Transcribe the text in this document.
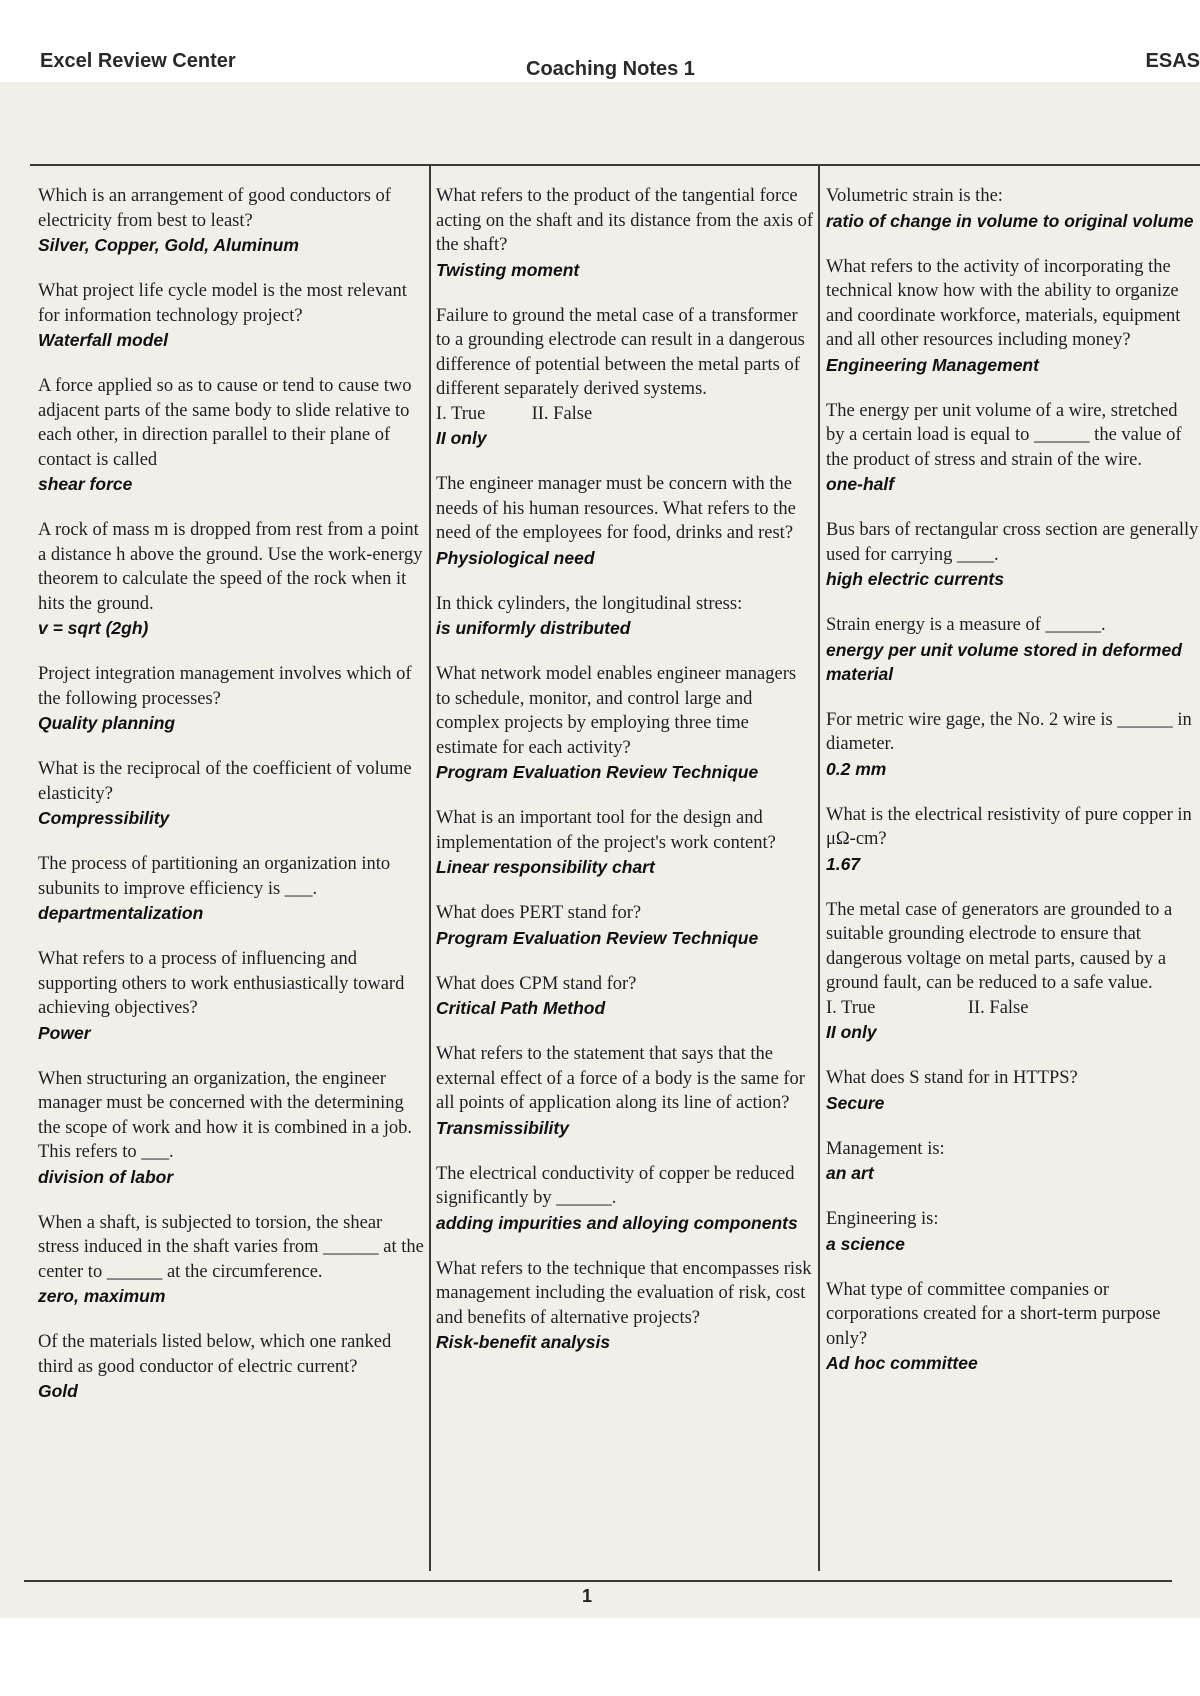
Excel Review Center	Coaching Notes 1	ESAS
Which is an arrangement of good conductors of electricity from best to least?
Silver, Copper, Gold, Aluminum
What project life cycle model is the most relevant for information technology project?
Waterfall model
A force applied so as to cause or tend to cause two adjacent parts of the same body to slide relative to each other, in direction parallel to their plane of contact is called
shear force
A rock of mass m is dropped from rest from a point a distance h above the ground. Use the work-energy theorem to calculate the speed of the rock when it hits the ground.
v = sqrt (2gh)
Project integration management involves which of the following processes?
Quality planning
What is the reciprocal of the coefficient of volume elasticity?
Compressibility
The process of partitioning an organization into subunits to improve efficiency is ___.
departmentalization
What refers to a process of influencing and supporting others to work enthusiastically toward achieving objectives?
Power
When structuring an organization, the engineer manager must be concerned with the determining the scope of work and how it is combined in a job. This refers to ___.
division of labor
When a shaft, is subjected to torsion, the shear stress induced in the shaft varies from ______ at the center to ______ at the circumference.
zero, maximum
Of the materials listed below, which one ranked third as good conductor of electric current?
Gold
What refers to the product of the tangential force acting on the shaft and its distance from the axis of the shaft?
Twisting moment
Failure to ground the metal case of a transformer to a grounding electrode can result in a dangerous difference of potential between the metal parts of different separately derived systems.
I. True          II. False
II only
The engineer manager must be concern with the needs of his human resources. What refers to the need of the employees for food, drinks and rest?
Physiological need
In thick cylinders, the longitudinal stress:
is uniformly distributed
What network model enables engineer managers to schedule, monitor, and control large and complex projects by employing three time estimate for each activity?
Program Evaluation Review Technique
What is an important tool for the design and implementation of the project's work content?
Linear responsibility chart
What does PERT stand for?
Program Evaluation Review Technique
What does CPM stand for?
Critical Path Method
What refers to the statement that says that the external effect of a force of a body is the same for all points of application along its line of action?
Transmissibility
The electrical conductivity of copper be reduced significantly by ______.
adding impurities and alloying components
What refers to the technique that encompasses risk management including the evaluation of risk, cost and benefits of alternative projects?
Risk-benefit analysis
Volumetric strain is the:
ratio of change in volume to original volume
What refers to the activity of incorporating the technical know how with the ability to organize and coordinate workforce, materials, equipment and all other resources including money?
Engineering Management
The energy per unit volume of a wire, stretched by a certain load is equal to ______ the value of the product of stress and strain of the wire.
one-half
Bus bars of rectangular cross section are generally used for carrying ____.
high electric currents
Strain energy is a measure of ______.
energy per unit volume stored in deformed material
For metric wire gage, the No. 2 wire is ______ in diameter.
0.2 mm
What is the electrical resistivity of pure copper in μΩ-cm?
1.67
The metal case of generators are grounded to a suitable grounding electrode to ensure that dangerous voltage on metal parts, caused by a ground fault, can be reduced to a safe value.
I. True                    II. False
II only
What does S stand for in HTTPS?
Secure
Management is:
an art
Engineering is:
a science
What type of committee companies or corporations created for a short-term purpose only?
Ad hoc committee
1
